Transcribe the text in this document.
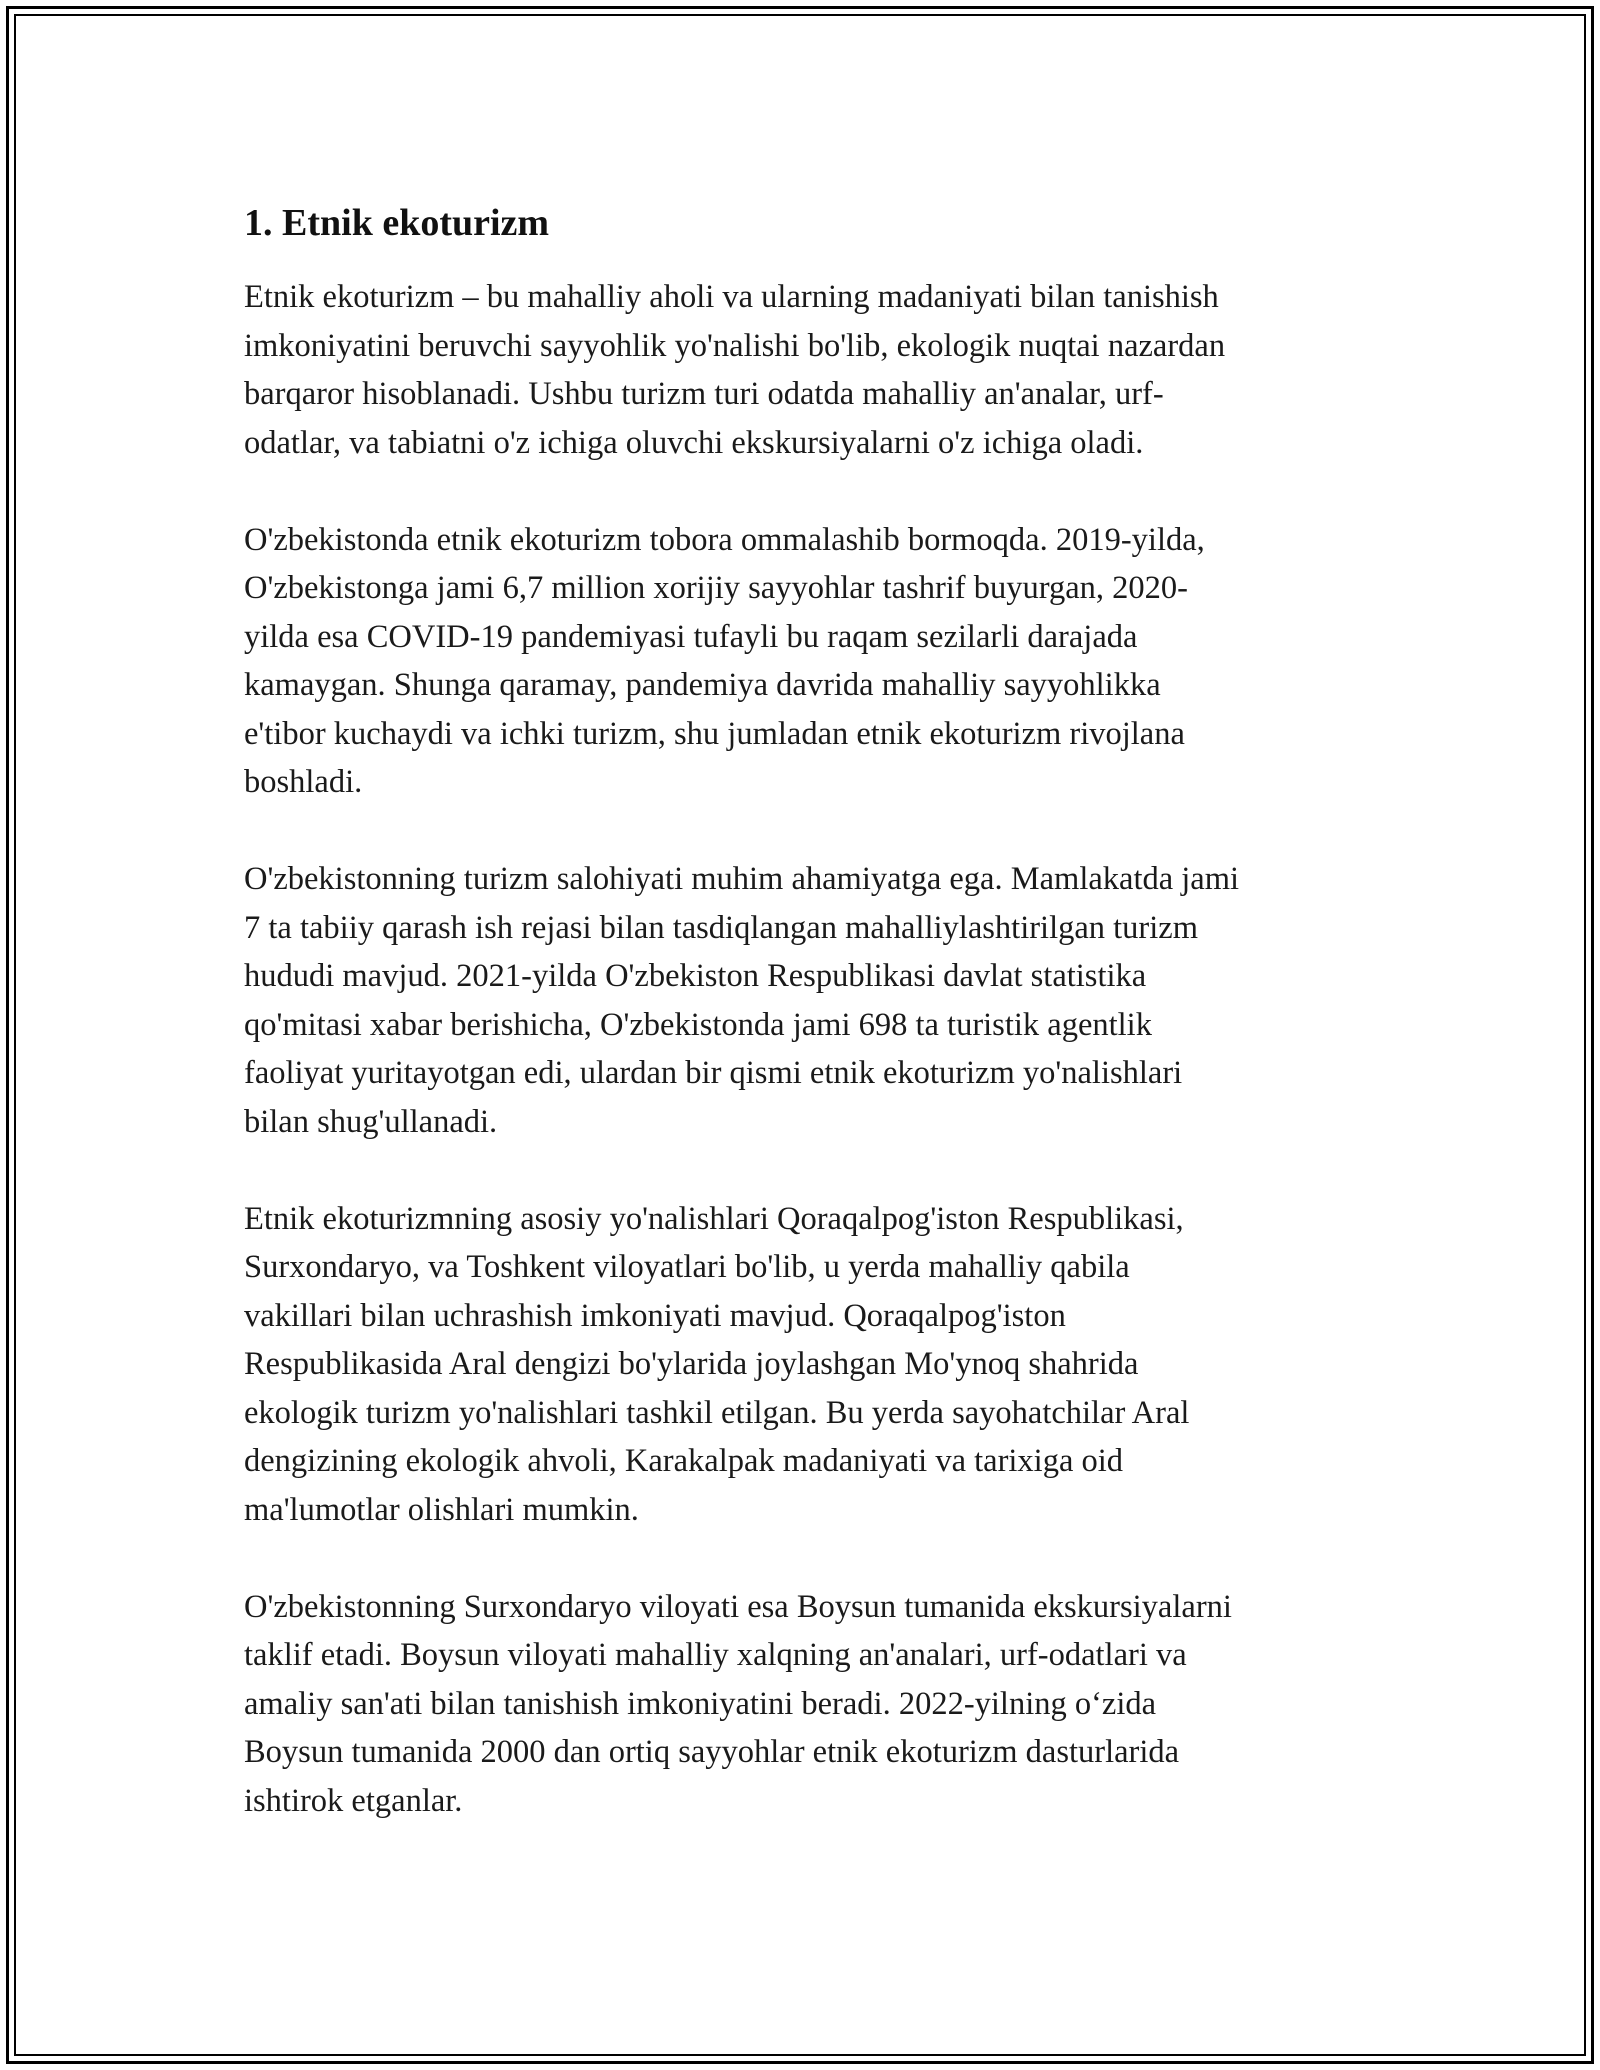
1. Etnik ekoturizm

Etnik ekoturizm – bu mahalliy aholi va ularning madaniyati bilan tanishish
imkoniyatini beruvchi sayyohlik yo'nalishi bo'lib, ekologik nuqtai nazardan
barqaror hisoblanadi. Ushbu turizm turi odatda mahalliy an'analar, urf-
odatlar, va tabiatni o'z ichiga oluvchi ekskursiyalarni o'z ichiga oladi.

O'zbekistonda etnik ekoturizm tobora ommalashib bormoqda. 2019-yilda,
O'zbekistonga jami 6,7 million xorijiy sayyohlar tashrif buyurgan, 2020-
yilda esa COVID-19 pandemiyasi tufayli bu raqam sezilarli darajada
kamaygan. Shunga qaramay, pandemiya davrida mahalliy sayyohlikka
e'tibor kuchaydi va ichki turizm, shu jumladan etnik ekoturizm rivojlana
boshladi.

O'zbekistonning turizm salohiyati muhim ahamiyatga ega. Mamlakatda jami
7 ta tabiiy qarash ish rejasi bilan tasdiqlangan mahalliylashtirilgan turizm
hududi mavjud. 2021-yilda O'zbekiston Respublikasi davlat statistika
qo'mitasi xabar berishicha, O'zbekistonda jami 698 ta turistik agentlik
faoliyat yuritayotgan edi, ulardan bir qismi etnik ekoturizm yo'nalishlari
bilan shug'ullanadi.

Etnik ekoturizmning asosiy yo'nalishlari Qoraqalpog'iston Respublikasi,
Surxondaryo, va Toshkent viloyatlari bo'lib, u yerda mahalliy qabila
vakillari bilan uchrashish imkoniyati mavjud. Qoraqalpog'iston
Respublikasida Aral dengizi bo'ylarida joylashgan Mo'ynoq shahrida
ekologik turizm yo'nalishlari tashkil etilgan. Bu yerda sayohatchilar Aral
dengizining ekologik ahvoli, Karakalpak madaniyati va tarixiga oid
ma'lumotlar olishlari mumkin.

O'zbekistonning Surxondaryo viloyati esa Boysun tumanida ekskursiyalarni
taklif etadi. Boysun viloyati mahalliy xalqning an'analari, urf-odatlari va
amaliy san'ati bilan tanishish imkoniyatini beradi. 2022-yilning o‘zida
Boysun tumanida 2000 dan ortiq sayyohlar etnik ekoturizm dasturlarida
ishtirok etganlar.
